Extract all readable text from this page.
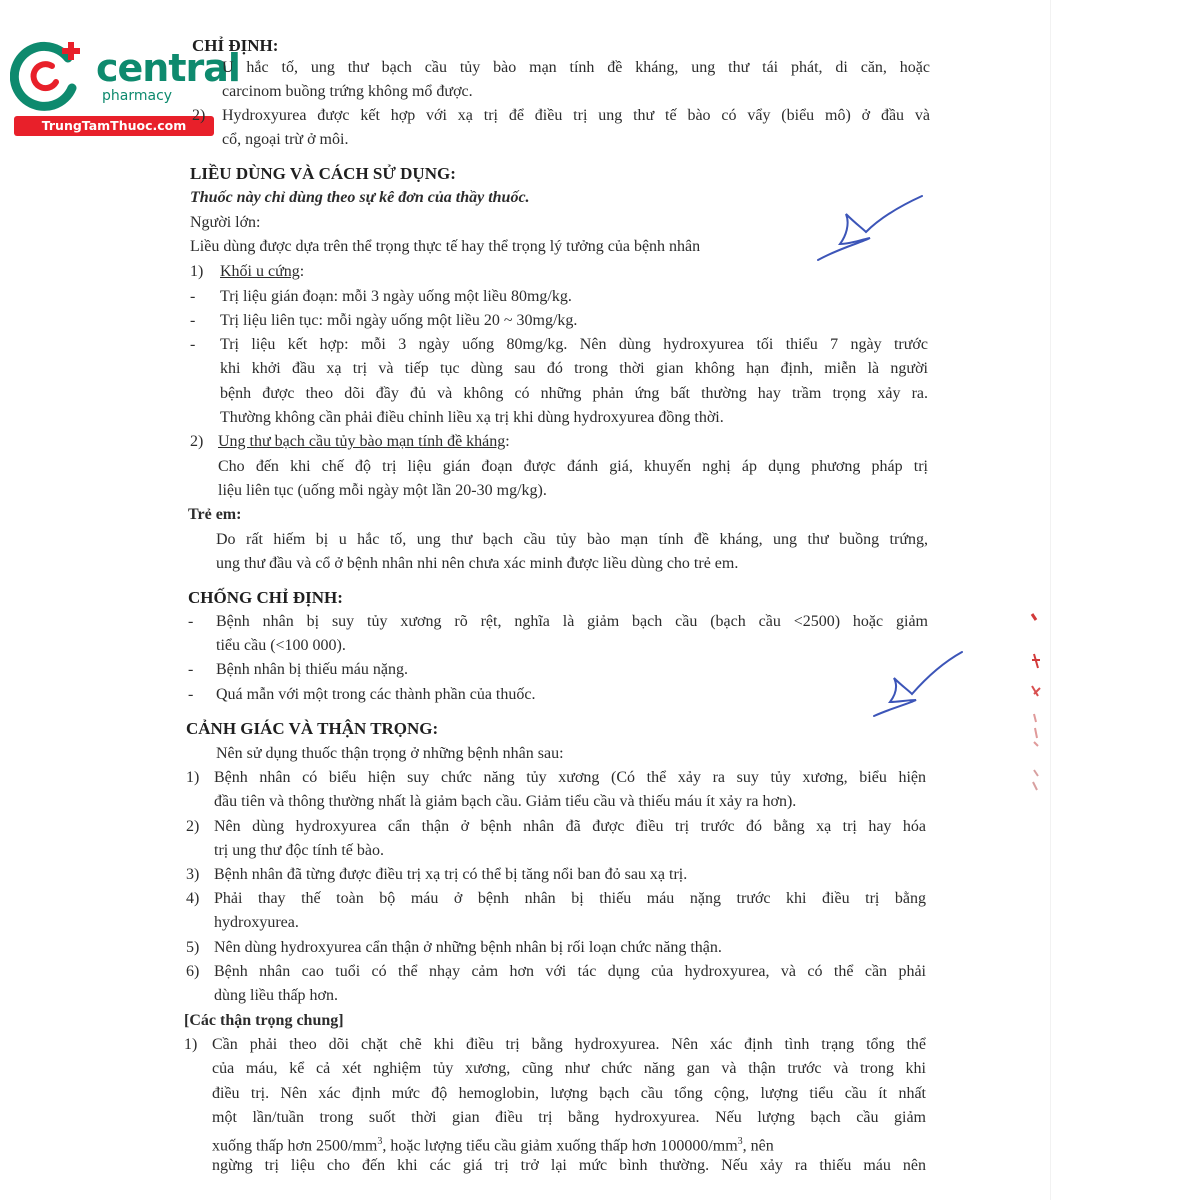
central
pharmacy
TrungTamThuoc.com
CHỈ ĐỊNH:
U hắc tố, ung thư bạch cầu tủy bào mạn tính đề kháng, ung thư tái phát, di căn, hoặc
carcinom buồng trứng không mổ được.
2) Hydroxyurea được kết hợp với xạ trị để điều trị ung thư tế bào có vẩy (biểu mô) ở đầu và
cổ, ngoại trừ ở môi.
LIỀU DÙNG VÀ CÁCH SỬ DỤNG:
Thuốc này chỉ dùng theo sự kê đơn của thầy thuốc.
Người lớn:
Liều dùng được dựa trên thể trọng thực tế hay thể trọng lý tưởng của bệnh nhân
1) Khối u cứng:
- Trị liệu gián đoạn: mỗi 3 ngày uống một liều 80mg/kg.
- Trị liệu liên tục: mỗi ngày uống một liều 20 ~ 30mg/kg.
- Trị liệu kết hợp: mỗi 3 ngày uống 80mg/kg. Nên dùng hydroxyurea tối thiểu 7 ngày trước
khi khởi đầu xạ trị và tiếp tục dùng sau đó trong thời gian không hạn định, miễn là người
bệnh được theo dõi đầy đủ và không có những phản ứng bất thường hay trầm trọng xảy ra.
Thường không cần phải điều chỉnh liều xạ trị khi dùng hydroxyurea đồng thời.
2) Ung thư bạch cầu tủy bào mạn tính đề kháng:
Cho đến khi chế độ trị liệu gián đoạn được đánh giá, khuyến nghị áp dụng phương pháp trị
liệu liên tục (uống mỗi ngày một lần 20-30 mg/kg).
Trẻ em:
Do rất hiếm bị u hắc tố, ung thư bạch cầu tủy bào mạn tính đề kháng, ung thư buồng trứng,
ung thư đầu và cổ ở bệnh nhân nhi nên chưa xác minh được liều dùng cho trẻ em.
CHỐNG CHỈ ĐỊNH:
- Bệnh nhân bị suy tủy xương rõ rệt, nghĩa là giảm bạch cầu (bạch cầu <2500) hoặc giảm
tiểu cầu (<100 000).
- Bệnh nhân bị thiếu máu nặng.
- Quá mẫn với một trong các thành phần của thuốc.
CẢNH GIÁC VÀ THẬN TRỌNG:
Nên sử dụng thuốc thận trọng ở những bệnh nhân sau:
1) Bệnh nhân có biểu hiện suy chức năng tủy xương (Có thể xảy ra suy tủy xương, biểu hiện
đầu tiên và thông thường nhất là giảm bạch cầu. Giảm tiểu cầu và thiếu máu ít xảy ra hơn).
2) Nên dùng hydroxyurea cẩn thận ở bệnh nhân đã được điều trị trước đó bằng xạ trị hay hóa
trị ung thư độc tính tế bào.
3) Bệnh nhân đã từng được điều trị xạ trị có thể bị tăng nổi ban đỏ sau xạ trị.
4) Phải thay thế toàn bộ máu ở bệnh nhân bị thiếu máu nặng trước khi điều trị bằng
hydroxyurea.
5) Nên dùng hydroxyurea cẩn thận ở những bệnh nhân bị rối loạn chức năng thận.
6) Bệnh nhân cao tuổi có thể nhạy cảm hơn với tác dụng của hydroxyurea, và có thể cần phải
dùng liều thấp hơn.
[Các thận trọng chung]
1) Cần phải theo dõi chặt chẽ khi điều trị bằng hydroxyurea. Nên xác định tình trạng tổng thể
của máu, kể cả xét nghiệm tủy xương, cũng như chức năng gan và thận trước và trong khi
điều trị. Nên xác định mức độ hemoglobin, lượng bạch cầu tổng cộng, lượng tiểu cầu ít nhất
một lần/tuần trong suốt thời gian điều trị bằng hydroxyurea. Nếu lượng bạch cầu giảm
xuống thấp hơn $2500/mm^3$, hoặc lượng tiểu cầu giảm xuống thấp hơn $100000/mm^3$, nên
ngừng trị liệu cho đến khi các giá trị trở lại mức bình thường. Nếu xảy ra thiếu máu nên
